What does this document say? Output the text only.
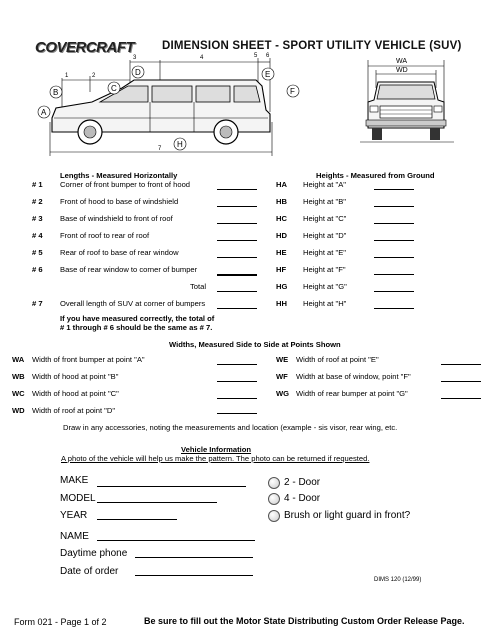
COVERCRAFT DIMENSION SHEET - SPORT UTILITY VEHICLE (SUV)
A
B	C
D	E
H
1	2
3	4	5 6
7
F
WA
WD
Lengths - Measured Horizontally	Heights - Measured from Ground
# 1 Corner of front bumper to front of hood
# 2 Front of hood to base of windshield
# 3 Base of windshield to front of roof
# 4 Front of roof to rear of roof
# 5 Rear of roof to base of rear window
# 6 Base of rear window to corner of bumper
Total
# 7 Overall length of SUV at corner of bumpers
If you have measured correctly, the total of
# 1 through # 6 should be the same as # 7.
HA Height at "A"
HB Height at "B"
HC Height at "C"
HD Height at "D"
HE Height at "E"
HF Height at "F"
HG Height at "G"
HH Height at "H"
Widths, Measured Side to Side at Points Shown
WA Width of front bumper at point "A"
WB Width of hood at point "B"
WC Width of hood at point "C"
WD Width of roof at point "D"
WE Width of roof at point "E"
WF Width at base of window, point "F"
WG Width of rear bumper at point "G"
Draw in any accessories, noting the measurements and location (example - sis visor, rear wing, etc.
Vehicle Information
A photo of the vehicle will help us make the pattern. The photo can be returned if requested.
MAKE
MODEL
YEAR
2 - Door
4 - Door
Brush or light guard in front?
NAME
Daytime phone
Date of order
DIMS 120 (12/99)
Form 021 - Page 1 of 2	Be sure to fill out the Motor State Distributing Custom Order Release Page.
